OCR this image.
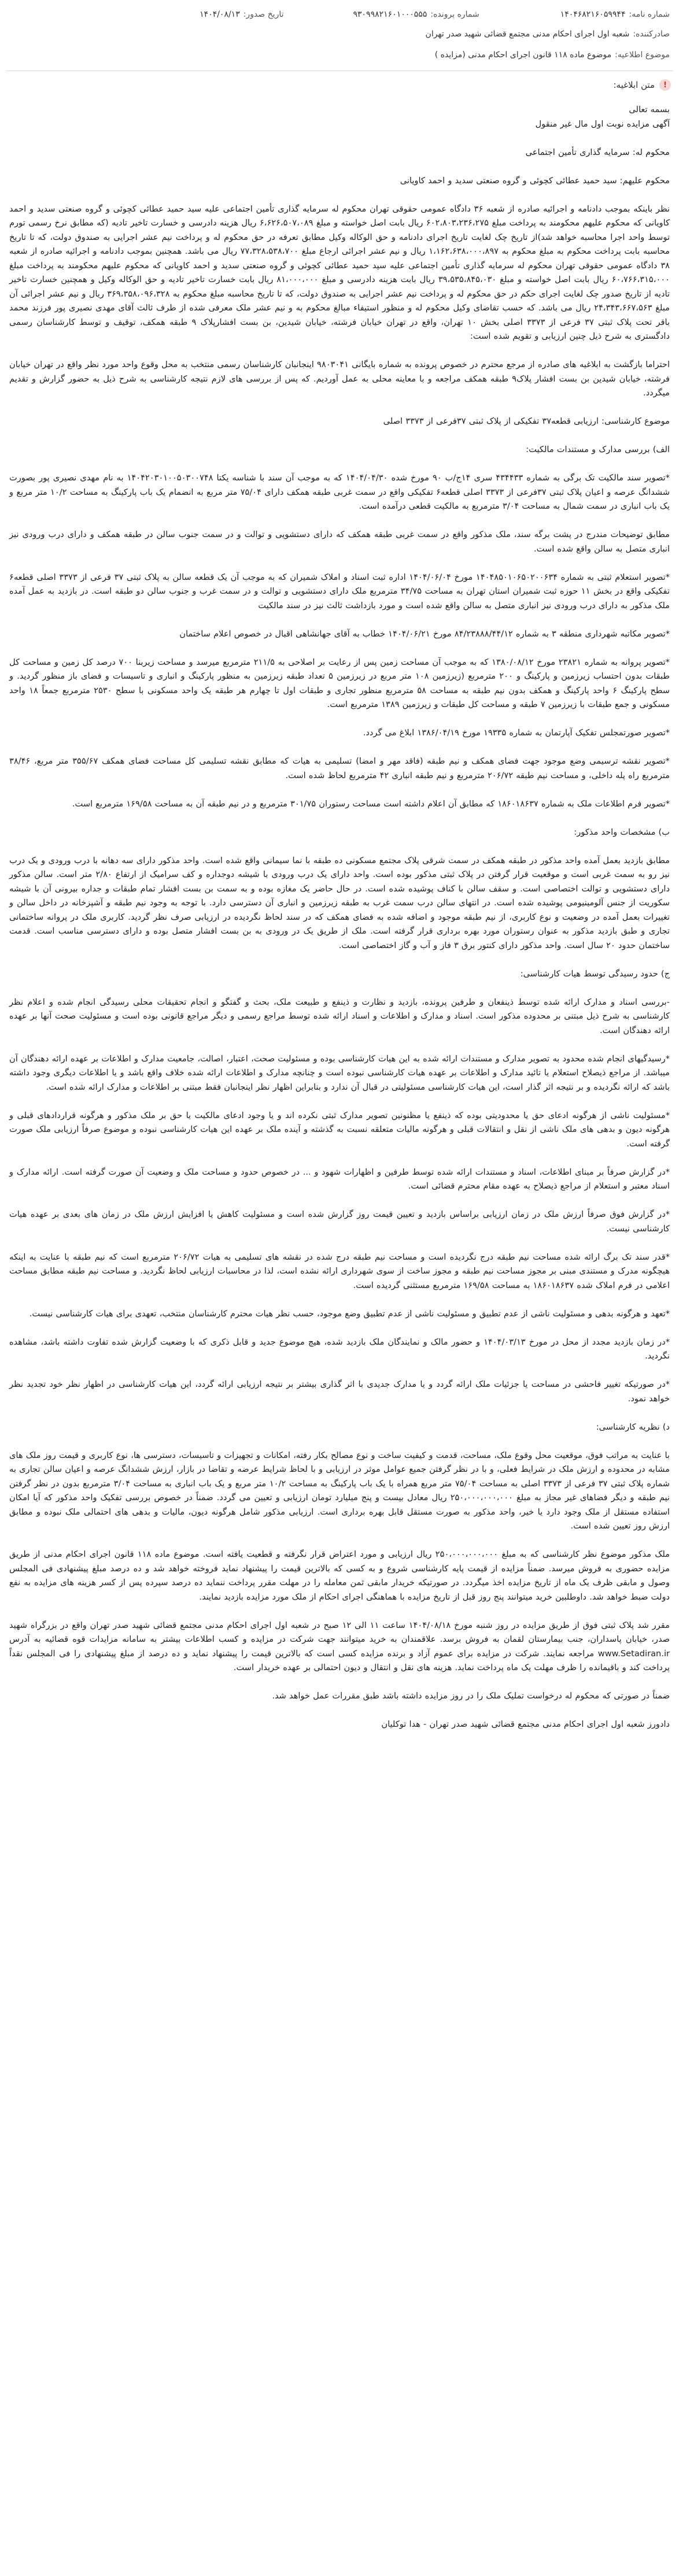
شماره نامه:
۱۴۰۴۶۸۲۱۶۰۵۹۹۴۴
شماره پرونده:
۹۳۰۹۹۸۲۱۶۰۱۰۰۰۵۵۵
تاریخ صدور:
۱۴۰۴/۰۸/۱۳
صادرکننده:
شعبه اول اجرای احکام مدنی مجتمع قضائی شهید صدر تهران
موضوع اطلاعیه:
موضوع ماده ۱۱۸ قانون اجرای احکام مدنی (مزایده )
!
متن ابلاغیه:

بسمه تعالی

آگهی مزایده نوبت اول مال غیر منقول

محکوم له: سرمایه گذاری تأمین اجتماعی

محکوم علیهم: سید حمید عطائی کچوئی و گروه صنعتی سدید و احمد کاویانی

نظر باینکه بموجب دادنامه و اجرائیه صادره از شعبه ۳۶ دادگاه عمومی حقوقی تهران محکوم له سرمایه گذاری تأمین اجتماعی علیه سید حمید عطائی کچوئی و گروه صنعتی سدید و احمد کاویانی که محکوم علیهم محکومند به پرداخت مبلغ ۶۰۲،۸۰۳،۲۳۶،۲۷۵ ریال بابت اصل خواسته و مبلغ ۶،۶۲۶،۵۰۷،۰۸۹ ریال هزینه دادرسی و خسارت تاخیر تادیه (که مطابق نرخ رسمی تورم توسط واحد اجرا محاسبه خواهد شد)از تاریخ چک لغایت تاریخ اجرای دادنامه و حق الوکاله وکیل مطابق تعرفه در حق محکوم له و پرداخت نیم عشر اجرایی به صندوق دولت، که تا تاریخ محاسبه بابت پرداخت محکوم به مبلغ محکوم به ۱،۱۶۲،۶۳۸،۰۰۰،۸۹۷ ریال و نیم عشر اجرائی ارجاع مبلغ ۷۷،۳۲۸،۵۳۸،۷۰۰ ریال می باشد. همچنین بموجب دادنامه و اجرائیه صادره از شعبه ۳۸ دادگاه عمومی حقوقی تهران محکوم له سرمایه گذاری تأمین اجتماعی علیه سید حمید عطائی کچوئی و گروه صنعتی سدید و احمد کاویانی که محکوم علیهم محکومند به پرداخت مبلغ ۶۰،۷۶۶،۳۱۵،۰۰۰ ریال بابت اصل خواسته و مبلغ ۳۹،۵۳۵،۸۴۵،۰۳۰ ریال بابت هزینه دادرسی و مبلغ ۸۱،۰۰۰،۰۰۰ ریال بابت خسارت تاخیر تادیه و حق الوکاله وکیل و همچنین خسارت تاخیر تادیه از تاریخ صدور چک لغایت اجرای حکم در حق محکوم له و پرداخت نیم عشر اجرایی به صندوق دولت، که تا تاریخ محاسبه مبلغ محکوم به ۳۶۹،۳۵۸،۰۹۶،۳۲۸ ریال و نیم عشر اجرائی آن مبلغ ۲۴،۳۴۳،۶۶۷،۵۶۳ ریال می باشد. که حسب تقاضای وکیل محکوم له و منظور استیفاء مبالغ محکوم به و نیم عشر ملک معرفی شده از طرف ثالث آقای مهدی نصیری پور فرزند محمد باقر تحت پلاک ثبتی ۳۷ فرعی از ۳۳۷۳ اصلی بخش ۱۰ تهران، واقع در تهران خیابان فرشته، خیابان شیدین، بن بست افشارپلاک ۹ طبقه همکف، توقیف و توسط کارشناسان رسمی دادگستری به شرح ذیل چنین ارزیابی و تقویم شده است:

احتراما بازگشت به ابلاغیه های صادره از مرجع محترم در خصوص پرونده به شماره بایگانی ۹۸۰۳۰۴۱ اینجانبان کارشناسان رسمی منتخب به محل وقوع واحد مورد نظر واقع در تهران خیابان فرشته، خیابان شیدین بن بست افشار پلاک۹ طبقه همکف مراجعه و با معاینه محلی به عمل آوردیم. که پس از بررسی های لازم نتیجه کارشناسی به شرح ذیل به حضور گزارش و تقدیم میگردد.

موضوع کارشناسی: ارزیابی قطعه۳۷ تفکیکی از پلاک ثبتی ۳۷فرعی از ۳۳۷۳ اصلی

الف) بررسی مدارک و مستندات مالکیت:

*تصویر سند مالکیت تک برگی به شماره ۴۳۴۴۳۳ سری ۱۴ج/ب ۹۰ مورخ شده ۱۴۰۴/۰۴/۳۰ که به موجب آن سند با شناسه یکتا ۱۴۰۴۲۰۳۰۱۰۰۵۰۳۰۰۷۴۸ به نام مهدی نصیری پور بصورت ششدانگ عرصه و اعیان پلاک ثبتی ۳۷فرعی از ۳۳۷۳ اصلی قطعه۶ تفکیکی واقع در سمت غربی طبقه همکف دارای ۷۵/۰۴ متر مربع به انضمام یک باب پارکینگ به مساحت ۱۰/۲ متر مربع و یک باب انباری در سمت شمال به مساحت ۳/۰۴ مترمربع به مالکیت قطعی درآمده است.

مطابق توضیحات مندرج در پشت برگه سند، ملک مذکور واقع در سمت غربی طبقه همکف که دارای دستشویی و توالت و در سمت جنوب سالن در طبقه همکف و دارای درب ورودی نیز انباری متصل به سالن واقع شده است.

*تصویر استعلام ثبتی به شماره ۱۴۰۴۸۵۰۱۰۶۵۰۲۰۰۶۳۴ مورخ ۱۴۰۴/۰۶/۰۴ اداره ثبت اسناد و املاک شمیران که به موجب آن یک قطعه سالن به پلاک ثبتی ۳۷ فرعی از ۳۳۷۳ اصلی قطعه۶ تفکیکی واقع در بخش ۱۱ حوزه ثبت شمیران استان تهران به مساحت ۳۴/۷۵ مترمربع ملک دارای دستشویی و توالت و در سمت غرب و جنوب سالن دو طبقه است. در بازدید به عمل آمده ملک مذکور به دارای درب ورودی نیز انباری متصل به سالن واقع شده است و مورد بازداشت ثالث نیز در سند مالکیت

*تصویر مکاتبه شهرداری منطقه ۳ به شماره ۸۴/۲۳۸۸۸/۴۴/۱۲ مورخ ۱۴۰۴/۰۶/۲۱ خطاب به آقای جهانشاهی اقبال در خصوص اعلام ساختمان

*تصویر پروانه به شماره ۲۳۸۲۱ مورخ ۱۳۸۰/۰۸/۱۲ که به موجب آن مساحت زمین پس از رعایت بر اصلاحی به ۲۱۱/۵ مترمربع میرسد و مساحت زیربنا ۷۰۰ درصد کل زمین و مساحت کل طبقات بدون احتساب زیرزمین و پارکینگ و ۲۰۰ مترمربع (زیرزمین ۱۰۸ متر مربع در زیرزمین ۵ تعداد طبقه زیرزمین به منظور پارکینگ و انباری و تاسیسات و فضای باز منظور گردید. و سطح پارکینگ ۶ واحد پارکینگ و همکف بدون نیم طبقه به مساحت ۵۸ مترمربع منظور تجاری و طبقات اول تا چهارم هر طبقه یک واحد مسکونی با سطح ۲۵۳۰ مترمربع جمعاً ۱۸ واحد مسکونی و جمع طبقات با زیرزمین ۷ طبقه و مساحت کل طبقات و زیرزمین ۱۳۸۹ مترمربع است.

*تصویر صورتمجلس تفکیک آپارتمان به شماره ۱۹۳۳۵ مورخ ۱۳۸۶/۰۴/۱۹ ابلاغ می گردد.

*تصویر نقشه ترسیمی وضع موجود جهت فضای همکف و نیم طبقه (فاقد مهر و امضا) تسلیمی به هیات که مطابق نقشه تسلیمی کل مساحت فضای همکف ۳۵۵/۶۷ متر مربع، ۳۸/۴۶ مترمربع راه پله داخلی، و مساحت نیم طبقه ۲۰۶/۷۲ مترمربع و نیم طبقه انباری ۴۲ مترمربع لحاظ شده است.

*تصویر فرم اطلاعات ملک به شماره ۱۸۶۰۱۸۶۳۷ که مطابق آن اعلام داشته است مساحت رستوران ۳۰۱/۷۵ مترمربع و در نیم طبقه آن به مساحت ۱۶۹/۵۸ مترمربع است.

ب) مشخصات واحد مذکور:

مطابق بازدید بعمل آمده واحد مذکور در طبقه همکف در سمت شرقی پلاک مجتمع مسکونی ده طبقه با نما سیمانی واقع شده است. واحد مذکور دارای سه دهانه با درب ورودی و یک درب نیز رو به سمت غربی است و موقعیت قرار گرفتن در پلاک ثبتی مذکور بوده است. واحد دارای یک درب ورودی با شیشه دوجداره و کف سرامیک از ارتفاع ۲/۸۰ متر است. سالن مذکور دارای دستشویی و توالت اختصاصی است. و سقف سالن با کناف پوشیده شده است. در حال حاضر یک مغازه بوده و به سمت بن بست افشار تمام طبقات و جداره بیرونی آن با شیشه سکوریت از جنس آلومینیومی پوشیده شده است. در انتهای سالن درب سمت غرب به طبقه زیرزمین و انباری آن دسترسی دارد. با توجه به وجود نیم طبقه و آشپزخانه در داخل سالن و تغییرات بعمل آمده در وضعیت و نوع کاربری، از نیم طبقه موجود و اضافه شده به فضای همکف که در سند لحاظ نگردیده در ارزیابی صرف نظر گردید. کاربری ملک در پروانه ساختمانی تجاری و طبق بازدید مذکور به عنوان رستوران مورد بهره برداری قرار گرفته است. ملک از طریق یک در ورودی به بن بست افشار متصل بوده و دارای دسترسی مناسب است. قدمت ساختمان حدود ۲۰ سال است. واحد مذکور دارای کنتور برق ۳ فاز و آب و گاز اختصاصی است.

ج) حدود رسیدگی توسط هیات کارشناسی:

-بررسی اسناد و مدارک ارائه شده توسط ذینفعان و طرفین پرونده، بازدید و نظارت و ذینفع و طبیعت ملک، بحث و گفتگو و انجام تحقیقات محلی رسیدگی انجام شده و اعلام نظر کارشناسی به شرح ذیل مبتنی بر محدوده مذکور است. اسناد و مدارک و اطلاعات و اسناد ارائه شده توسط مراجع رسمی و دیگر مراجع قانونی بوده است و مسئولیت صحت آنها بر عهده ارائه دهندگان است.

*رسیدگیهای انجام شده محدود به تصویر مدارک و مستندات ارائه شده به این هیات کارشناسی بوده و مسئولیت صحت، اعتبار، اصالت، جامعیت مدارک و اطلاعات بر عهده ارائه دهندگان آن میباشد. از مراجع ذیصلاح استعلام یا تائید مدارک و اطلاعات بر عهده هیات کارشناسی نبوده است و چنانچه مدارک و اطلاعات ارائه شده خلاف واقع باشد و یا اطلاعات دیگری وجود داشته باشد که ارائه نگردیده و بر نتیجه اثر گذار است، این هیات کارشناسی مسئولیتی در قبال آن ندارد و بنابراین اظهار نظر اینجانبان فقط مبتنی بر اطلاعات و مدارک ارائه شده است.

*مسئولیت ناشی از هرگونه ادعای حق یا محدودیتی بوده که ذینفع یا مظنونین تصویر مدارک ثبتی نکرده اند و یا وجود ادعای مالکیت یا حق بر ملک مذکور و هرگونه قراردادهای قبلی و هرگونه دیون و بدهی های ملک ناشی از نقل و انتقالات قبلی و هرگونه مالیات متعلقه نسبت به گذشته و آینده ملک بر عهده این هیات کارشناسی نبوده و موضوع صرفاً ارزیابی ملک صورت گرفته است.

*در گزارش صرفاً بر مبنای اطلاعات، اسناد و مستندات ارائه شده توسط طرفین و اظهارات شهود و ... در خصوص حدود و مساحت ملک و وضعیت آن صورت گرفته است. ارائه مدارک و اسناد معتبر و استعلام از مراجع ذیصلاح به عهده مقام محترم قضائی است.

*در گزارش فوق صرفاً ارزش ملک در زمان ارزیابی براساس بازدید و تعیین قیمت روز گزارش شده است و مسئولیت کاهش یا افزایش ارزش ملک در زمان های بعدی بر عهده هیات کارشناسی نیست.

*قدر سند تک برگ ارائه شده مساحت نیم طبقه درج نگردیده است و مساحت نیم طبقه درج شده در نقشه های تسلیمی به هیات ۲۰۶/۷۲ مترمربع است که نیم طبقه با عنایت به اینکه هیچگونه مدرک و مستندی مبنی بر مجوز مساحت نیم طبقه و مجوز ساخت از سوی شهرداری ارائه نشده است، لذا در محاسبات ارزیابی لحاظ نگردید. و مساحت نیم طبقه مطابق مساحت اعلامی در فرم املاک شده ۱۸۶۰۱۸۶۳۷ به مساحت ۱۶۹/۵۸ مترمربع مستثنی گردیده است.

*تعهد و هرگونه بدهی و مسئولیت ناشی از عدم تطبیق و مسئولیت ناشی از عدم تطبیق وضع موجود، حسب نظر هیات محترم کارشناسان منتخب، تعهدی برای هیات کارشناسی نیست.

*در زمان بازدید مجدد از محل در مورخ ۱۴۰۴/۰۳/۱۳ و حضور مالک و نمایندگان ملک بازدید شده، هیچ موضوع جدید و قابل ذکری که با وضعیت گزارش شده تفاوت داشته باشد، مشاهده نگردید.

*در صورتیکه تغییر فاحشی در مساحت یا جزئیات ملک ارائه گردد و یا مدارک جدیدی با اثر گذاری بیشتر بر نتیجه ارزیابی ارائه گردد، این هیات کارشناسی در اظهار نظر خود تجدید نظر خواهد نمود.

د) نظریه کارشناسی:

با عنایت به مراتب فوق، موقعیت محل وقوع ملک، مساحت، قدمت و کیفیت ساخت و نوع مصالح بکار رفته، امکانات و تجهیزات و تاسیسات، دسترسی ها، نوع کاربری و قیمت روز ملک های مشابه در محدوده و ارزش ملک در شرایط فعلی، و با در نظر گرفتن جمیع عوامل موثر در ارزیابی و با لحاظ شرایط عرضه و تقاضا در بازار، ارزش ششدانگ عرصه و اعیان سالن تجاری به شماره پلاک ثبتی ۳۷ فرعی از ۳۳۷۳ اصلی به مساحت ۷۵/۰۴ متر مربع همراه با یک باب پارکینگ به مساحت ۱۰/۲ متر مربع و یک باب انباری به مساحت ۳/۰۴ مترمربع بدون در نظر گرفتن نیم طبقه و دیگر فضاهای غیر مجاز به مبلغ ۲۵۰،۰۰۰،۰۰۰،۰۰۰ ریال معادل بیست و پنج میلیارد تومان ارزیابی و تعیین می گردد. ضمناً در خصوص بررسی تفکیک واحد مذکور که آیا امکان استفاده مستقل از ملک وجود دارد یا خیر، واحد مذکور به صورت مستقل قابل بهره برداری است. ارزیابی مذکور شامل هرگونه دیون، مالیات و بدهی های احتمالی ملک نبوده و مطابق ارزش روز تعیین شده است.

ملک مذکور موضوع نظر کارشناسی که به مبلغ ۲۵۰،۰۰۰،۰۰۰،۰۰۰ ریال ارزیابی و مورد اعتراض قرار نگرفته و قطعیت یافته است. موضوع ماده ۱۱۸ قانون اجرای احکام مدنی از طریق مزایده حضوری به فروش میرسد. ضمناً مزایده از قیمت پایه کارشناسی شروع و به کسی که بالاترین قیمت را پیشنهاد نماید فروخته خواهد شد و ده درصد مبلغ پیشنهادی فی المجلس وصول و مابقی ظرف یک ماه از تاریخ مزایده اخذ میگردد. در صورتیکه خریدار مابقی ثمن معامله را در مهلت مقرر پرداخت ننماید ده درصد سپرده پس از کسر هزینه های مزایده به نفع دولت ضبط خواهد شد. داوطلبین خرید میتوانند پنج روز قبل از تاریخ مزایده با هماهنگی اجرای احکام از ملک مورد مزایده بازدید نمایند.

مقرر شد پلاک ثبتی فوق از طریق مزایده در روز شنبه مورخ ۱۴۰۴/۰۸/۱۸ ساعت ۱۱ الی ۱۲ صبح در شعبه اول اجرای احکام مدنی مجتمع قضائی شهید صدر تهران واقع در بزرگراه شهید صدر، خیابان پاسداران، جنب بیمارستان لقمان به فروش برسد. علاقمندان به خرید میتوانند جهت شرکت در مزایده و کسب اطلاعات بیشتر به سامانه مزایدات قوه قضائیه به آدرس www.Setadiran.ir مراجعه نمایند. شرکت در مزایده برای عموم آزاد و برنده مزایده کسی است که بالاترین قیمت را پیشنهاد نماید و ده درصد از مبلغ پیشنهادی را فی المجلس نقداً پرداخت کند و باقیمانده را ظرف مهلت یک ماه پرداخت نماید. هزینه های نقل و انتقال و دیون احتمالی بر عهده خریدار است.

ضمناً در صورتی که محکوم له درخواست تملیک ملک را در روز مزایده داشته باشد طبق مقررات عمل خواهد شد.

دادورز شعبه اول اجرای احکام مدنی مجتمع قضائی شهید صدر تهران - هدا توکلیان
